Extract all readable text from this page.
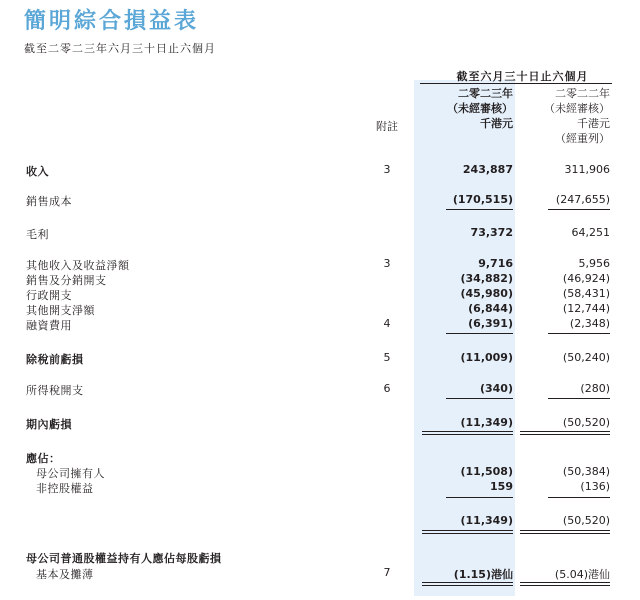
簡明綜合損益表
截至二零二三年六月三十日止六個月
截至六月三十日止六個月
二零二三年
（未經審核）
千港元
二零二二年
（未經審核）
千港元
（經重列）
附註
收入	3	243,887	311,906
銷售成本	(170,515)	(247,655)
毛利	73,372	64,251
其他收入及收益淨額	3	9,716	5,956
銷售及分銷開支	(34,882)	(46,924)
行政開支	(45,980)	(58,431)
其他開支淨額	(6,844)	(12,744)
融資費用	4	(6,391)	(2,348)
除稅前虧損	5	(11,009)	(50,240)
所得稅開支	6	(340)	(280)
期內虧損	(11,349)	(50,520)
應佔：
母公司擁有人	(11,508)	(50,384)
非控股權益	159	(136)
(11,349)	(50,520)
母公司普通股權益持有人應佔每股虧損
基本及攤薄	7	(1.15)港仙	(5.04)港仙
